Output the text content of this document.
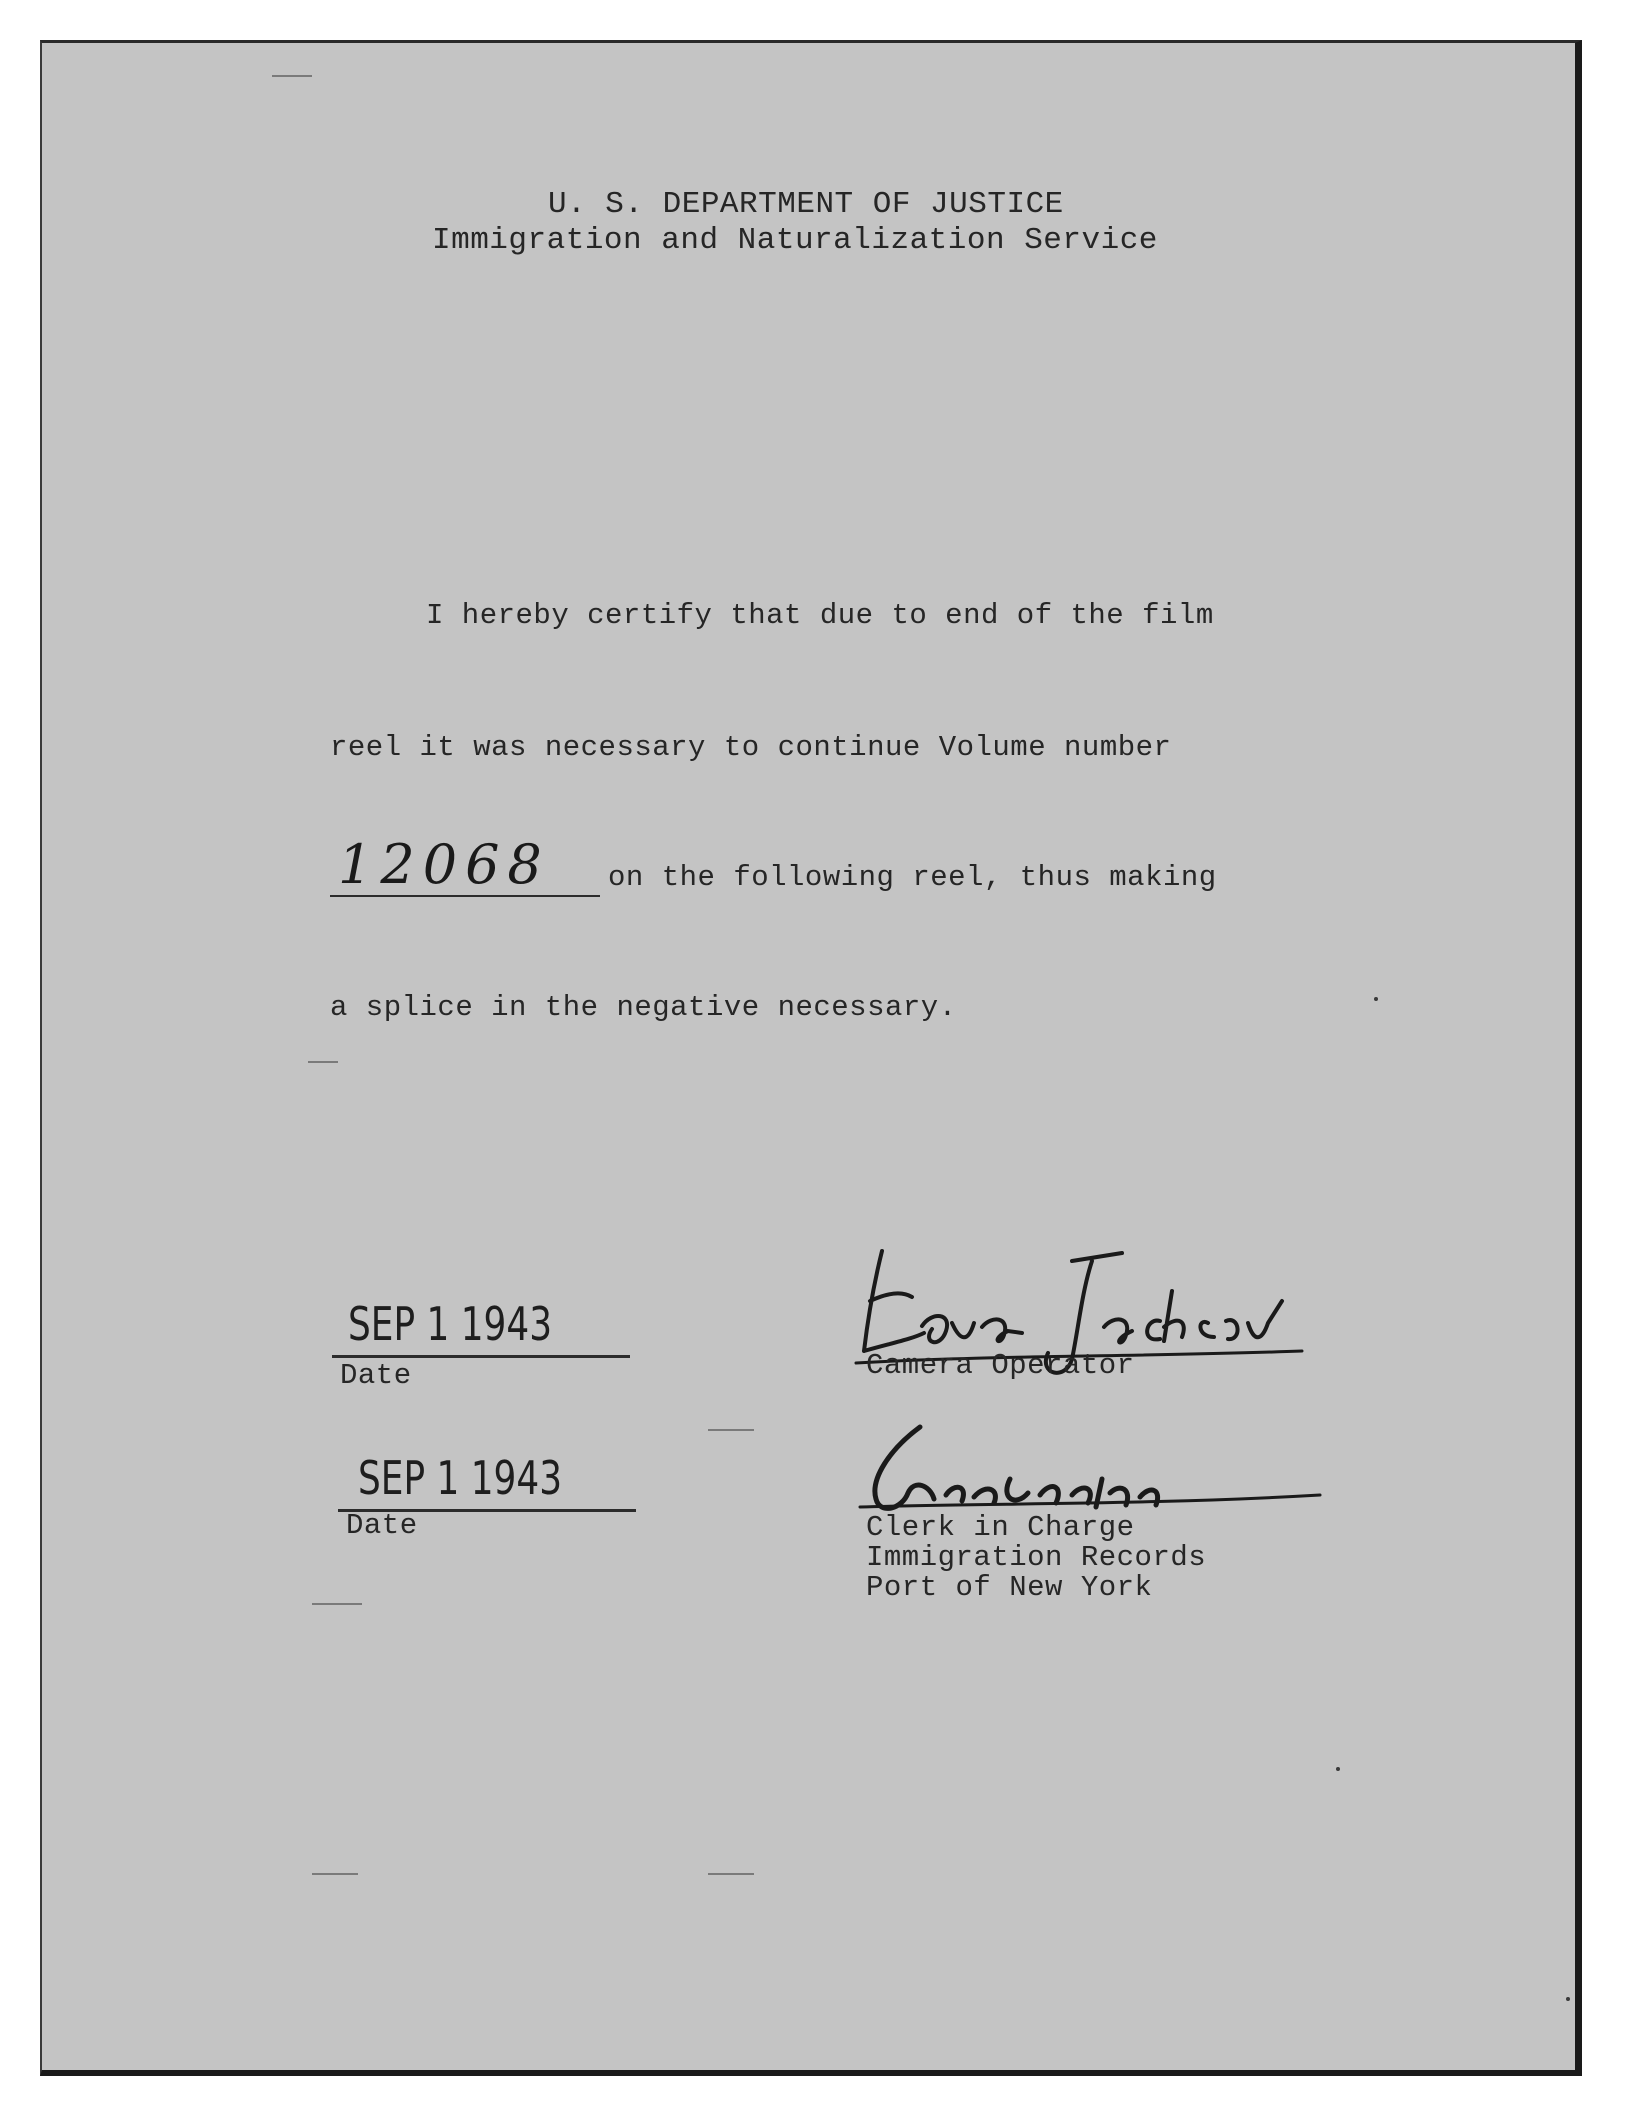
U. S. DEPARTMENT OF JUSTICE
Immigration and Naturalization Service
I hereby certify that due to end of the film
reel it was necessary to continue Volume number
12068 on the following reel, thus making
a splice in the negative necessary.
SEP 1 1943
Date	Camera Operator
SEP 1 1943
Date	Clerk in Charge
Immigration Records
Port of New York
